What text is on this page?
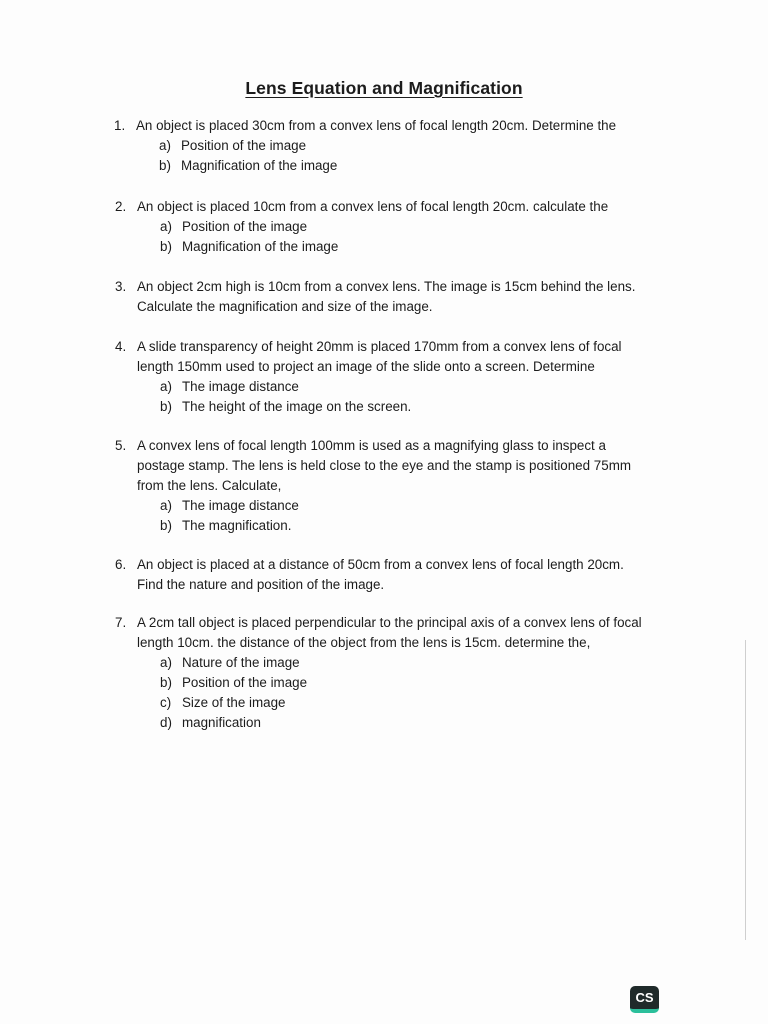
Lens Equation and Magnification
1. An object is placed 30cm from a convex lens of focal length 20cm. Determine the
a) Position of the image
b) Magnification of the image
2. An object is placed 10cm from a convex lens of focal length 20cm. calculate the
a) Position of the image
b) Magnification of the image
3. An object 2cm high is 10cm from a convex lens. The image is 15cm behind the lens.
Calculate the magnification and size of the image.
4. A slide transparency of height 20mm is placed 170mm from a convex lens of focal
length 150mm used to project an image of the slide onto a screen. Determine
a) The image distance
b) The height of the image on the screen.
5. A convex lens of focal length 100mm is used as a magnifying glass to inspect a
postage stamp. The lens is held close to the eye and the stamp is positioned 75mm
from the lens. Calculate,
a) The image distance
b) The magnification.
6. An object is placed at a distance of 50cm from a convex lens of focal length 20cm.
Find the nature and position of the image.
7. A 2cm tall object is placed perpendicular to the principal axis of a convex lens of focal
length 10cm. the distance of the object from the lens is 15cm. determine the,
a) Nature of the image
b) Position of the image
c) Size of the image
d) magnification
CS
